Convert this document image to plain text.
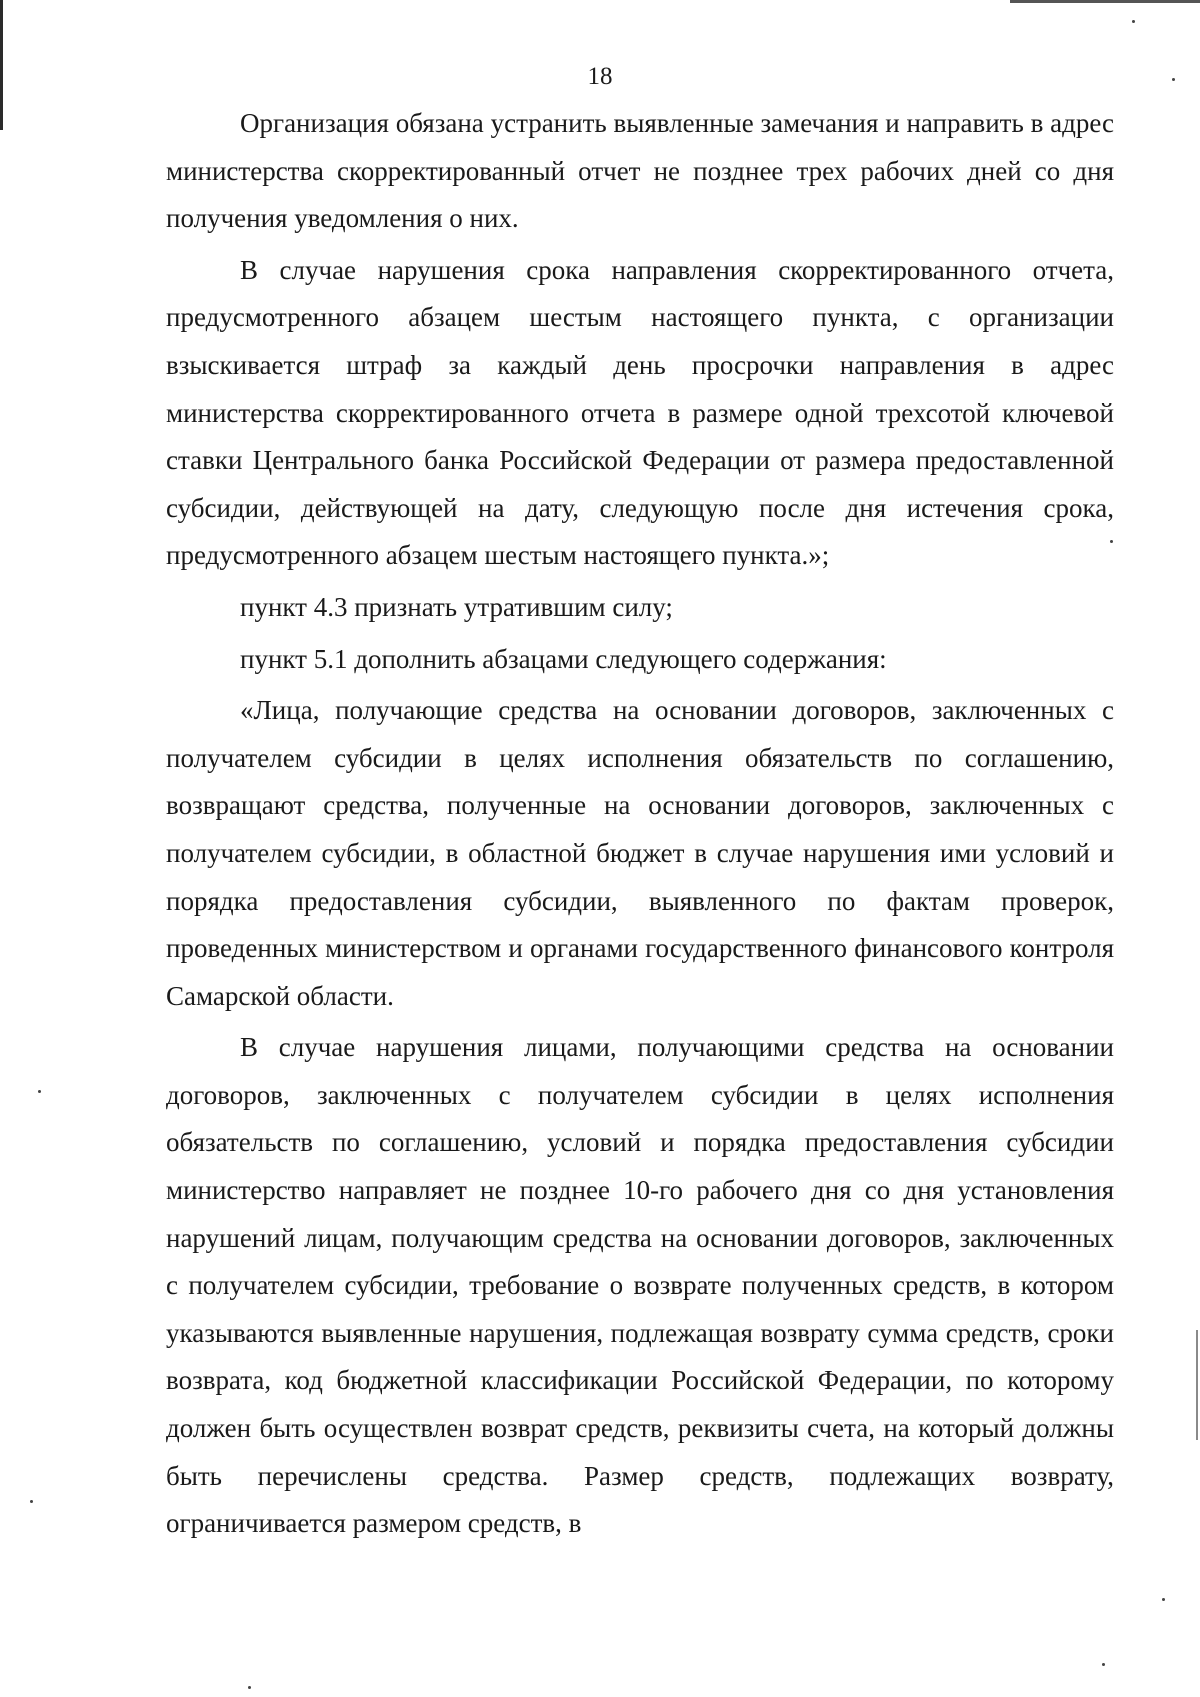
18

Организация обязана устранить выявленные замечания и направить в адрес министерства скорректированный отчет не позднее трех рабочих дней со дня получения уведомления о них.

В случае нарушения срока направления скорректированного отчета, предусмотренного абзацем шестым настоящего пункта, с организации взыскивается штраф за каждый день просрочки направления в адрес министерства скорректированного отчета в размере одной трехсотой ключевой ставки Центрального банка Российской Федерации от размера предоставленной субсидии, действующей на дату, следующую после дня истечения срока, предусмотренного абзацем шестым настоящего пункта.»;

пункт 4.3 признать утратившим силу;

пункт 5.1 дополнить абзацами следующего содержания:

«Лица, получающие средства на основании договоров, заключенных с получателем субсидии в целях исполнения обязательств по соглашению, возвращают средства, полученные на основании договоров, заключенных с получателем субсидии, в областной бюджет в случае нарушения ими условий и порядка предоставления субсидии, выявленного по фактам проверок, проведенных министерством и органами государственного финансового контроля Самарской области.

В случае нарушения лицами, получающими средства на основании договоров, заключенных с получателем субсидии в целях исполнения обязательств по соглашению, условий и порядка предоставления субсидии министерство направляет не позднее 10-го рабочего дня со дня установления нарушений лицам, получающим средства на основании договоров, заключенных с получателем субсидии, требование о возврате полученных средств, в котором указываются выявленные нарушения, подлежащая возврату сумма средств, сроки возврата, код бюджетной классификации Российской Федерации, по которому должен быть осуществлен возврат средств, реквизиты счета, на который должны быть перечислены средства. Размер средств, подлежащих возврату, ограничивается размером средств, в
